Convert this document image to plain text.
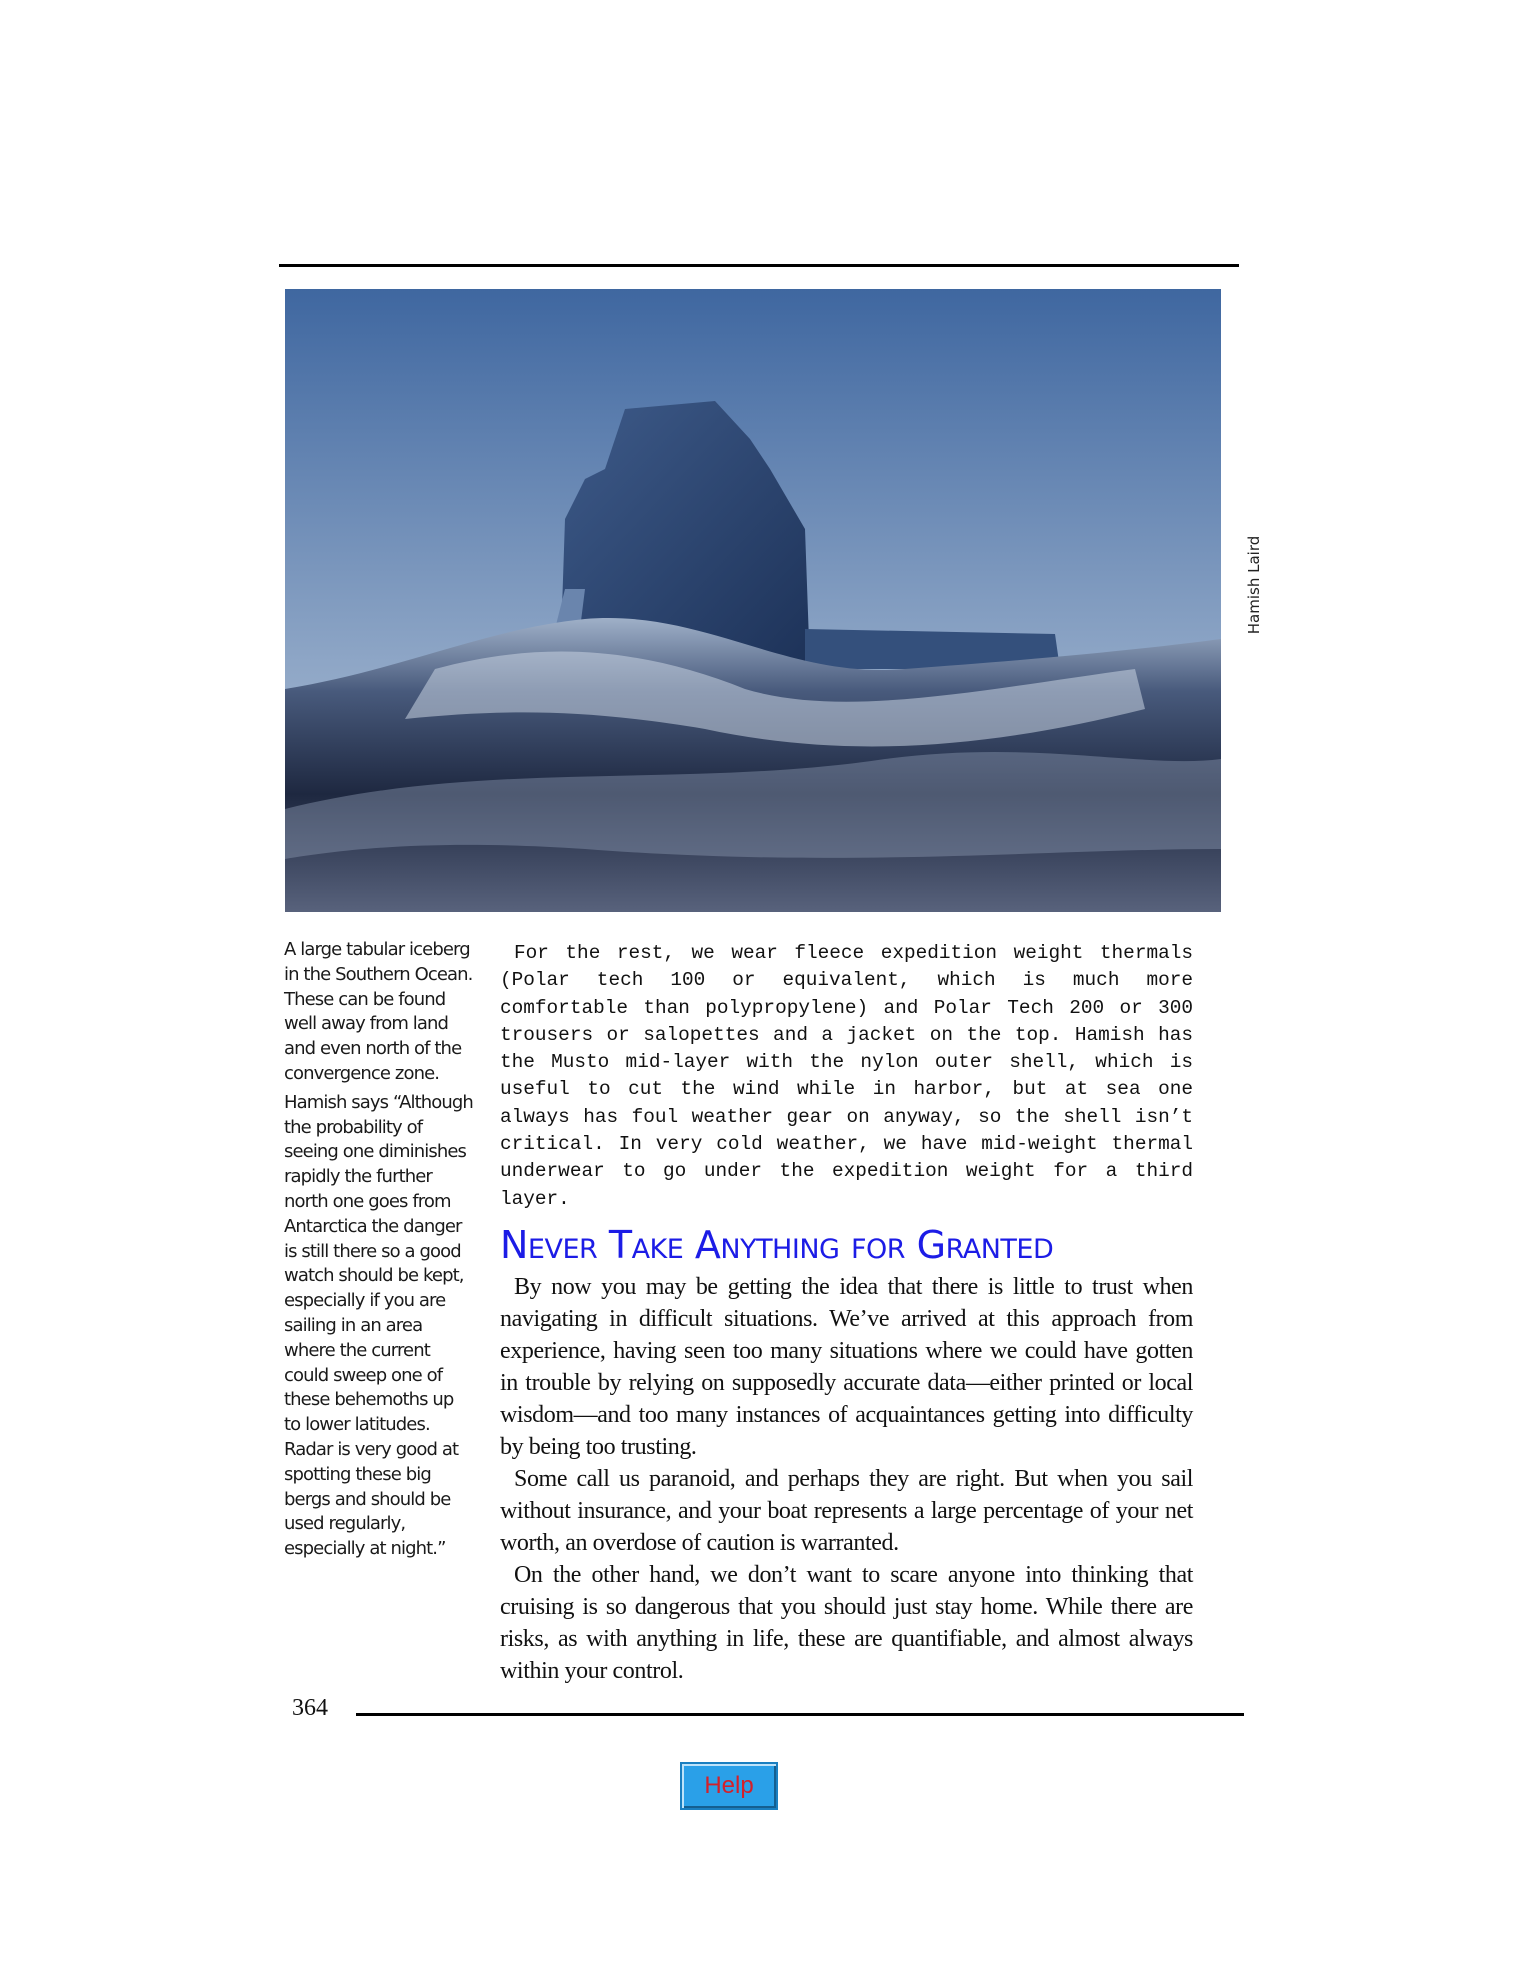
Hamish Laird

A large tabular iceberg in the Southern Ocean. These can be found well away from land and even north of the convergence zone.

Hamish says “Although the probability of seeing one diminishes rapidly the further north one goes from Antarctica the danger is still there so a good watch should be kept, especially if you are sailing in an area where the current could sweep one of these behemoths up to lower latitudes. Radar is very good at spotting these big bergs and should be used regularly, especially at night.”

For the rest, we wear fleece expedition weight thermals (Polar tech 100 or equivalent, which is much more comfortable than polypropylene) and Polar Tech 200 or 300 trousers or salopettes and a jacket on the top. Hamish has the Musto mid-layer with the nylon outer shell, which is useful to cut the wind while in harbor, but at sea one always has foul weather gear on anyway, so the shell isn’t critical. In very cold weather, we have mid-weight thermal underwear to go under the expedition weight for a third layer.

Never Take Anything for Granted

By now you may be getting the idea that there is little to trust when navigating in difficult situations. We’ve arrived at this approach from experience, having seen too many situations where we could have gotten in trouble by relying on supposedly accurate data—either printed or local wisdom—and too many instances of acquaintances getting into difficulty by being too trusting.

Some call us paranoid, and perhaps they are right. But when you sail without insurance, and your boat represents a large percentage of your net worth, an overdose of caution is warranted.

On the other hand, we don’t want to scare anyone into thinking that cruising is so dangerous that you should just stay home. While there are risks, as with anything in life, these are quantifiable, and almost always within your control.

364
Help
